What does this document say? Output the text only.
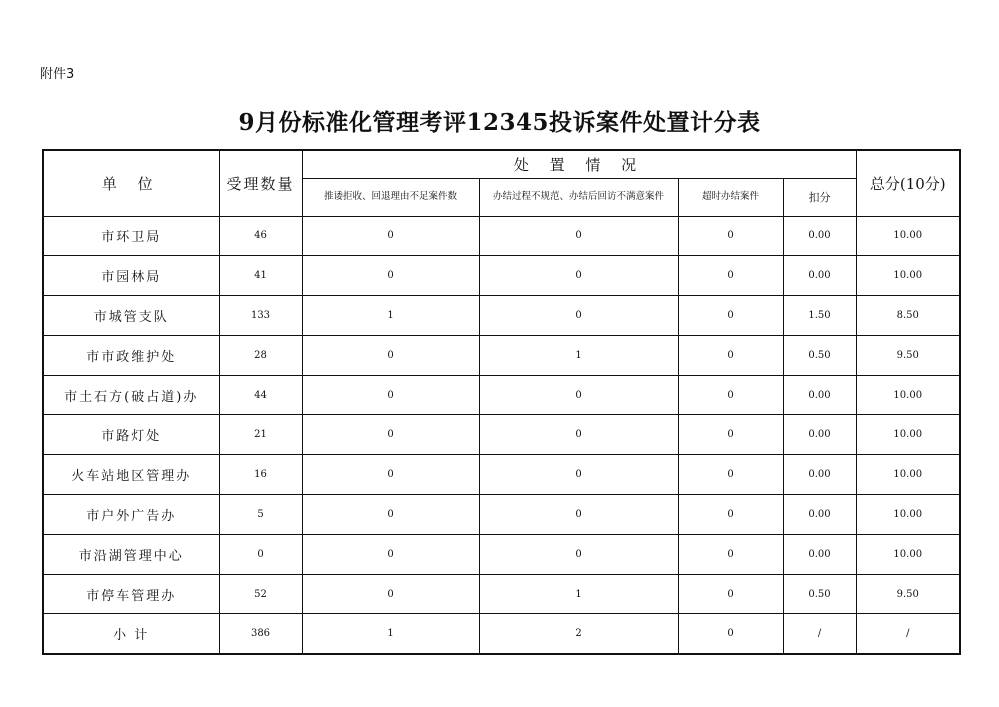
附件3
9月份标准化管理考评12345投诉案件处置计分表
单 位	受理数量	处 置 情 况				总分(10分)
		推诿拒收、回退理由不足案件数	办结过程不规范、办结后回访不满意案件	超时办结案件	扣分	
市环卫局	46	0	0	0	0.00	10.00
市园林局	41	0	0	0	0.00	10.00
市城管支队	133	1	0	0	1.50	8.50
市市政维护处	28	0	1	0	0.50	9.50
市土石方(破占道)办	44	0	0	0	0.00	10.00
市路灯处	21	0	0	0	0.00	10.00
火车站地区管理办	16	0	0	0	0.00	10.00
市户外广告办	5	0	0	0	0.00	10.00
市沿湖管理中心	0	0	0	0	0.00	10.00
市停车管理办	52	0	1	0	0.50	9.50
小 计	386	1	2	0	/	/
